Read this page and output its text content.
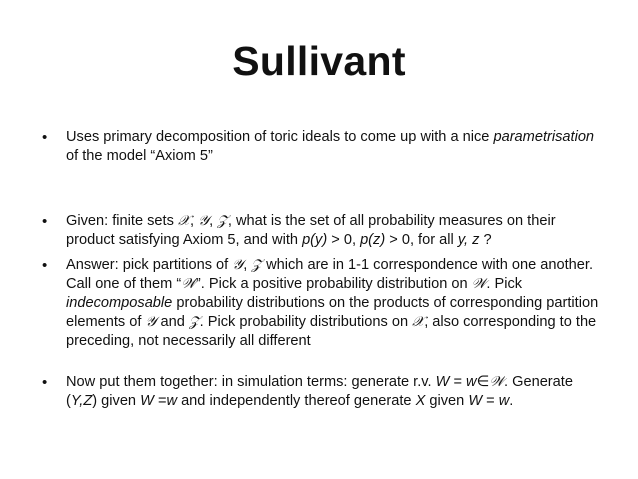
Sullivant
• Uses primary decomposition of toric ideals to come up with a nice parametrisation of the model “Axiom 5”
• Given: finite sets 𝒳, 𝒴, 𝒵, what is the set of all probability measures on their product satisfying Axiom 5, and with p(y) > 0, p(z) > 0, for all y, z ?
• Answer: pick partitions of 𝒴, 𝒵 which are in 1-1 correspondence with one another. Call one of them “𝒲”. Pick a positive probability distribution on 𝒲. Pick indecomposable probability distributions on the products of corresponding partition elements of 𝒴 and 𝒵. Pick probability distributions on 𝒳, also corresponding to the preceding, not necessarily all different
• Now put them together: in simulation terms: generate r.v. W = w∈𝒲. Generate (Y,Z) given W =w and independently thereof generate X given W = w.
